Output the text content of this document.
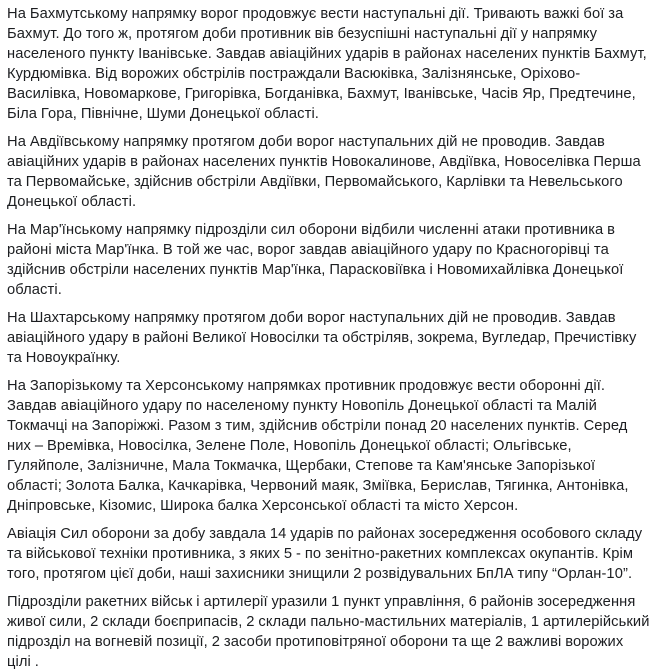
На Бахмутському напрямку ворог продовжує вести наступальні дії. Тривають важкі бої за Бахмут. До того ж, протягом доби противник вів безуспішні наступальні дії у напрямку населеного пункту Іванівське. Завдав авіаційних ударів в районах населених пунктів Бахмут, Курдюмівка. Від ворожих обстрілів постраждали Васюківка, Залізнянське, Оріхово-Василівка, Новомаркове, Григорівка, Богданівка, Бахмут, Іванівське, Часів Яр, Предтечине, Біла Гора, Північне, Шуми Донецької області.

На Авдіївському напрямку протягом доби ворог наступальних дій не проводив. Завдав авіаційних ударів в районах населених пунктів Новокалинове, Авдіївка, Новоселівка Перша та Первомайське, здійснив обстріли Авдіївки, Первомайського, Карлівки та Невельського Донецької області.

На Мар'їнському напрямку підрозділи сил оборони відбили численні атаки противника в районі міста Мар'їнка. В той же час, ворог завдав авіаційного удару по Красногорівці та здійснив обстріли населених пунктів Мар'їнка, Парасковіївка і Новомихайлівка Донецької області.

На Шахтарському напрямку протягом доби ворог наступальних дій не проводив. Завдав авіаційного удару в районі Великої Новосілки та обстріляв, зокрема, Вугледар, Пречистівку та Новоукраїнку.

На Запорізькому та Херсонському напрямках противник продовжує вести оборонні дії. Завдав авіаційного удару по населеному пункту Новопіль Донецької області та Малій Токмачці на Запоріжжі. Разом з тим, здійснив обстріли понад 20 населених пунктів. Серед них – Времівка, Новосілка, Зелене Поле, Новопіль Донецької області; Ольгівське,  Гуляйполе, Залізничне, Мала Токмачка, Щербаки, Степове та Кам'янське Запорізької області; Золота Балка, Качкарівка, Червоний маяк, Зміївка, Берислав, Тягинка, Антонівка, Дніпровське, Кізомис, Широка балка Херсонської області та місто Херсон.

Авіація Сил оборони за добу завдала 14 ударів по районах зосередження особового складу та військової техніки противника, з яких 5 - по зенітно-ракетних комплексах окупантів. Крім того, протягом цієї доби, наші захисники знищили 2 розвідувальних БпЛА типу “Орлан-10”.

Підрозділи ракетних військ і артилерії уразили 1 пункт управління, 6 районів зосередження живої сили, 2 склади боєприпасів, 2 склади пально-мастильних матеріалів, 1 артилерійський підрозділ на вогневій позиції, 2 засоби протиповітряної оборони та ще 2 важливі ворожих цілі .
